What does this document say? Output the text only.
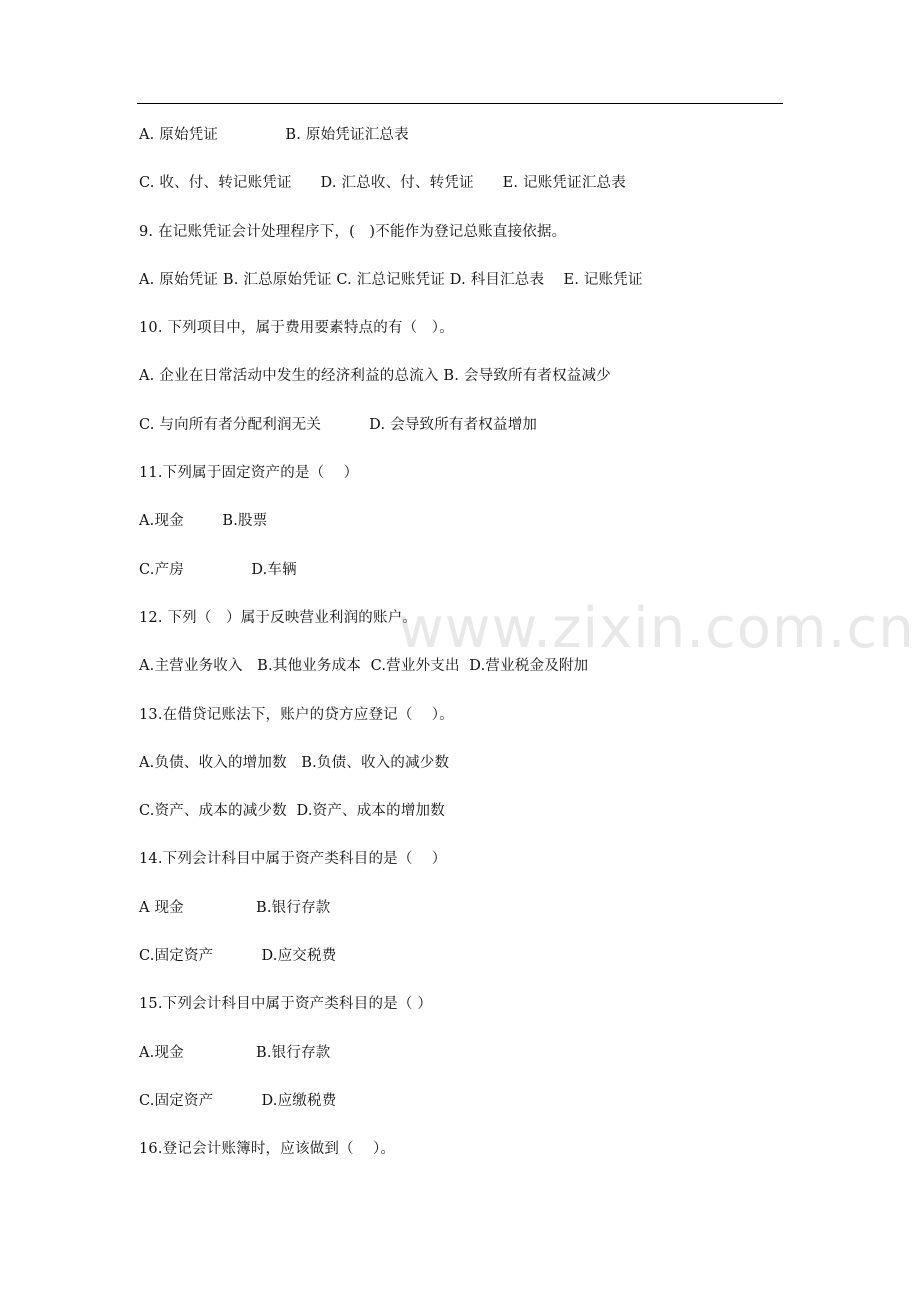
A. 原始凭证              B. 原始凭证汇总表
C. 收、付、转记账凭证      D. 汇总收、付、转凭证      E. 记账凭证汇总表
9. 在记账凭证会计处理程序下，(   )不能作为登记总账直接依据。
A. 原始凭证 B. 汇总原始凭证 C. 汇总记账凭证 D. 科目汇总表    E. 记账凭证
10. 下列项目中，属于费用要素特点的有（   ）。
A. 企业在日常活动中发生的经济利益的总流入 B. 会导致所有者权益减少
C. 与向所有者分配利润无关          D. 会导致所有者权益增加
11.下列属于固定资产的是（    ）
A.现金        B.股票
C.产房              D.车辆
12. 下列（   ）属于反映营业利润的账户。
A.主营业务收入   B.其他业务成本  C.营业外支出  D.营业税金及附加
13.在借贷记账法下，账户的贷方应登记（    ）。
A.负债、收入的增加数   B.负债、收入的减少数
C.资产、成本的减少数  D.资产、成本的增加数
14.下列会计科目中属于资产类科目的是（    ）
A 现金               B.银行存款
C.固定资产          D.应交税费
15.下列会计科目中属于资产类科目的是（ ）
A.现金               B.银行存款
C.固定资产          D.应缴税费
16.登记会计账簿时，应该做到（    ）。
www.zixin.com.cn
